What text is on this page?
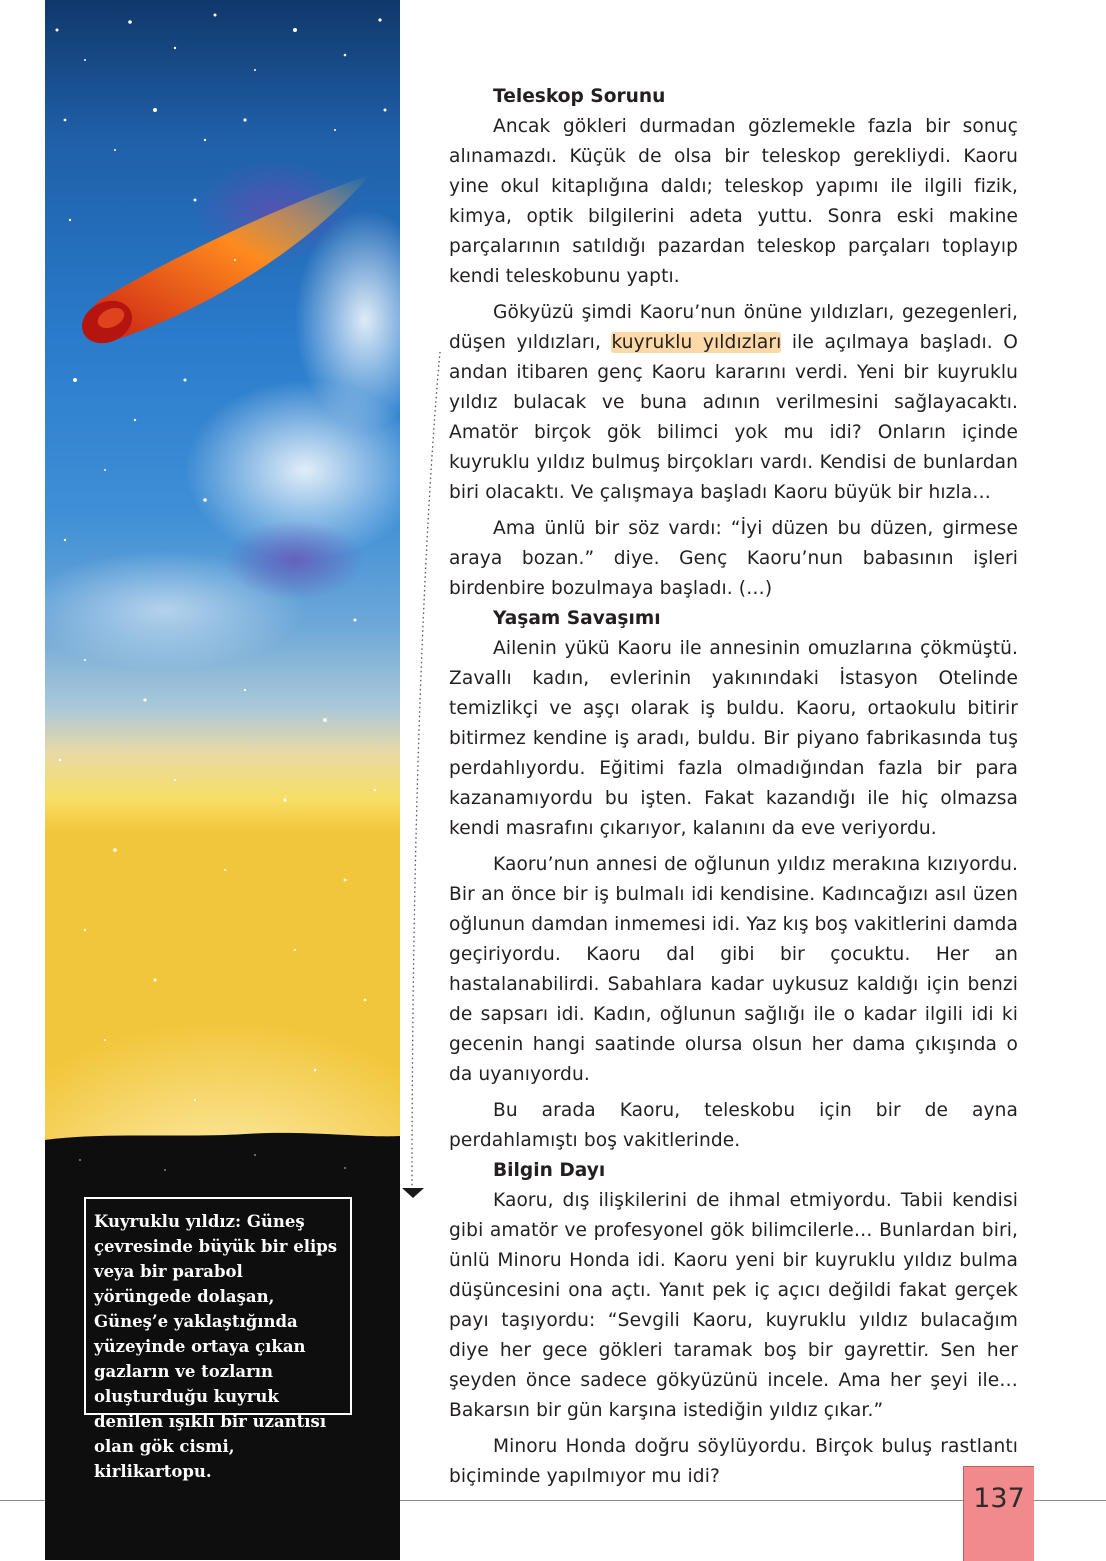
Kuyruklu yıldız: Güneş çevresinde büyük bir elips veya bir parabol yörüngede dolaşan, Güneş’e yaklaştığında yüzeyinde ortaya çıkan gazların ve tozların oluşturduğu kuyruk denilen ışıklı bir uzantısı olan gök cismi, kirlikartopu.

Teleskop Sorunu

Ancak gökleri durmadan gözlemekle fazla bir sonuç alınamazdı. Küçük de olsa bir teleskop gerekliydi. Kaoru yine okul kitaplığına daldı; teleskop yapımı ile ilgili fizik, kimya, optik bilgilerini adeta yuttu. Sonra eski makine parçalarının satıldığı pazardan teleskop parçaları toplayıp kendi teleskobunu yaptı.

Gökyüzü şimdi Kaoru’nun önüne yıldızları, gezegenleri, düşen yıldızları, kuyruklu yıldızları ile açılmaya başladı. O andan itibaren genç Kaoru kararını verdi. Yeni bir kuyruklu yıldız bulacak ve buna adının verilmesini sağlayacaktı. Amatör birçok gök bilimci yok mu idi? Onların içinde kuyruklu yıldız bulmuş birçokları vardı. Kendisi de bunlardan biri olacaktı. Ve çalışmaya başladı Kaoru büyük bir hızla…

Ama ünlü bir söz vardı: “İyi düzen bu düzen, girmese araya bozan.” diye. Genç Kaoru’nun babasının işleri birdenbire bozulmaya başladı. (…)

Yaşam Savaşımı

Ailenin yükü Kaoru ile annesinin omuzlarına çökmüştü. Zavallı kadın, evlerinin yakınındaki İstasyon Otelinde temizlikçi ve aşçı olarak iş buldu. Kaoru, ortaokulu bitirir bitirmez kendine iş aradı, buldu. Bir piyano fabrikasında tuş perdahlıyordu. Eğitimi fazla olmadığından fazla bir para kazanamıyordu bu işten. Fakat kazandığı ile hiç olmazsa kendi masrafını çıkarıyor, kalanını da eve veriyordu.

Kaoru’nun annesi de oğlunun yıldız merakına kızıyordu. Bir an önce bir iş bulmalı idi kendisine. Kadıncağızı asıl üzen oğlunun damdan inmemesi idi. Yaz kış boş vakitlerini damda geçiriyordu. Kaoru dal gibi bir çocuktu. Her an hastalanabilirdi. Sabahlara kadar uykusuz kaldığı için benzi de sapsarı idi. Kadın, oğlunun sağlığı ile o kadar ilgili idi ki gecenin hangi saatinde olursa olsun her dama çıkışında o da uyanıyordu.

Bu arada Kaoru, teleskobu için bir de ayna perdahlamıştı boş vakitlerinde.

Bilgin Dayı

Kaoru, dış ilişkilerini de ihmal etmiyordu. Tabii kendisi gibi amatör ve profesyonel gök bilimcilerle… Bunlardan biri, ünlü Minoru Honda idi. Kaoru yeni bir kuyruklu yıldız bulma düşüncesini ona açtı. Yanıt pek iç açıcı değildi fakat gerçek payı taşıyordu: “Sevgili Kaoru, kuyruklu yıldız bulacağım diye her gece gökleri taramak boş bir gayrettir. Sen her şeyden önce sadece gökyüzünü incele. Ama her şeyi ile… Bakarsın bir gün karşına istediğin yıldız çıkar.”

Minoru Honda doğru söylüyordu. Birçok buluş rastlantı biçiminde yapılmıyor mu idi?

137
